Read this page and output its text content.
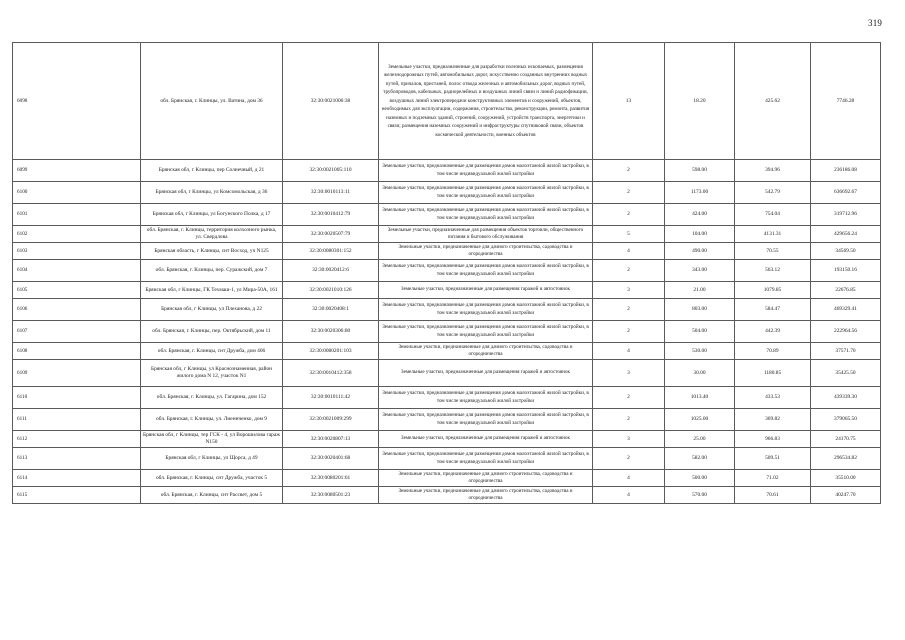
319
6098	обл. Брянская, г. Клинцы, ул. Ватина, дом 36	32:30:0021006:38	Земельные участки, предназначенные для разработки полезных ископаемых, размещения железнодорожных путей, автомобильных дорог, искусственно созданных внутренних водных путей, причалов, пристаней, полос отвода железных и автомобильных дорог, водных путей, трубопроводов, кабельных, радиорелейных и воздушных линий связи и линий радиофикации, воздушных линий электропередачи конструктивных элементов и сооружений, объектов, необходимых для эксплуатации, содержания, строительства, реконструкции, ремонта, развития наземных и подземных зданий, строений, сооружений, устройств транспорта, энергетики и связи; размещения наземных сооружений и инфраструктуры спутниковой связи, объектов космической деятельности, военных объектов	13	18.20	425.62	7746.28
6099	Брянская обл, г Клинцы, пер Солнечный, д 21	32:30:0021005:110	Земельные участки, предназначенные для размещения домов малоэтажной жилой застройки, в том числе индивидуальной жилой застройки	2	598.00	394.96	236186.08
6100	Брянская обл, г Клинцы, ул Комсомольская, д 36	32:30:0010113:11	Земельные участки, предназначенные для размещения домов малоэтажной жилой застройки, в том числе индивидуальной жилой застройки	2	1173.00	542.79	636692.67
6101	Брянская обл, г Клинцы, ул Богунского Полка, д 17	32:30:0010412:79	Земельные участки, предназначенные для размещения домов малоэтажной жилой застройки, в том числе индивидуальной жилой застройки	2	424.00	754.04	319712.96
6102	обл. Брянская, г. Клинцы, территория колхозного рынка, ул. Свердлова	32:30:0020507:79	Земельные участки, предназначенные для размещения объектов торговли, общественного питания и бытового обслуживания	5	104.00	4131.31	429656.24
6103	Брянская область, г Клинцы, снт Восход, уч N125	32:30:0080301:152	Земельные участки, предназначенные для дачного строительства, садоводства и огородничества	4	490.00	70.55	34569.50
6104	обл. Брянская, г. Клинцы, пер. Суражский, дом 7	32:30:0020412:6	Земельные участки, предназначенные для размещения домов малоэтажной жилой застройки, в том числе индивидуальной жилой застройки	2	343.00	563.12	193150.16
6105	Брянская обл, г Клинцы, ГК Техмаш-1, ул Мира-50А, 161	32:30:0021010:126	Земельные участки, предназначенные для размещения гаражей и автостоянок	3	21.00	1079.85	22676.85
6106	Брянская обл, г Клинцы, ул Плеханова, д 22	32:30:0020408:1	Земельные участки, предназначенные для размещения домов малоэтажной жилой застройки, в том числе индивидуальной жилой застройки	2	803.00	584.47	469329.41
6107	обл. Брянская, г. Клинцы, пер. Октябрьский, дом 11	32:30:0020306:80	Земельные участки, предназначенные для размещения домов малоэтажной жилой застройки, в том числе индивидуальной жилой застройки	2	504.00	442.39	222964.56
6108	обл. Брянская, г. Клинцы, снт Дружба, дом 406	32:30:0080201:103	Земельные участки, предназначенные для дачного строительства, садоводства и огородничества	4	530.00	70.89	37571.70
6109	Брянская обл, г Клинцы, ул Краснознаменная, район жилого дома N 12, участок N1	32:30:0010412:358	Земельные участки, предназначенные для размещения гаражей и автостоянок	3	30.00	1180.85	35425.50
6110	обл. Брянская, г. Клинцы, ул. Гагарина, дом 152	32:30:0010111:42	Земельные участки, предназначенные для размещения домов малоэтажной жилой застройки, в том числе индивидуальной жилой застройки	2	1013.40	433.53	439339.30
6111	обл. Брянская, г. Клинцы, ул. Лиеннченко, дом 9	32:30:0021009:299	Земельные участки, предназначенные для размещения домов малоэтажной жилой застройки, в том числе индивидуальной жилой застройки	2	1025.00	369.82	379065.50
6112	Брянская обл, г Клинцы, тер ГСК - 4, ул Ворошилова гараж N150	32:30:0020807:13	Земельные участки, предназначенные для размещения гаражей и автостоянок	3	25.00	966.83	24170.75
6113	Брянская обл, г Клинцы, ул Щорса, д 49	32:30:0020401:68	Земельные участки, предназначенные для размещения домов малоэтажной жилой застройки, в том числе индивидуальной жилой застройки	2	582.00	509.51	296534.82
6114	обл. Брянская, г. Клинцы, снт Дружба, участок 5	32:30:0080201:61	Земельные участки, предназначенные для дачного строительства, садоводства и огородничества	4	500.00	71.02	35510.00
6115	обл. Брянская, г. Клинцы, снт Рассвет, дом 5	32:30:0080501:23	Земельные участки, предназначенные для дачного строительства, садоводства и огородничества	4	570.00	70.61	40247.70
